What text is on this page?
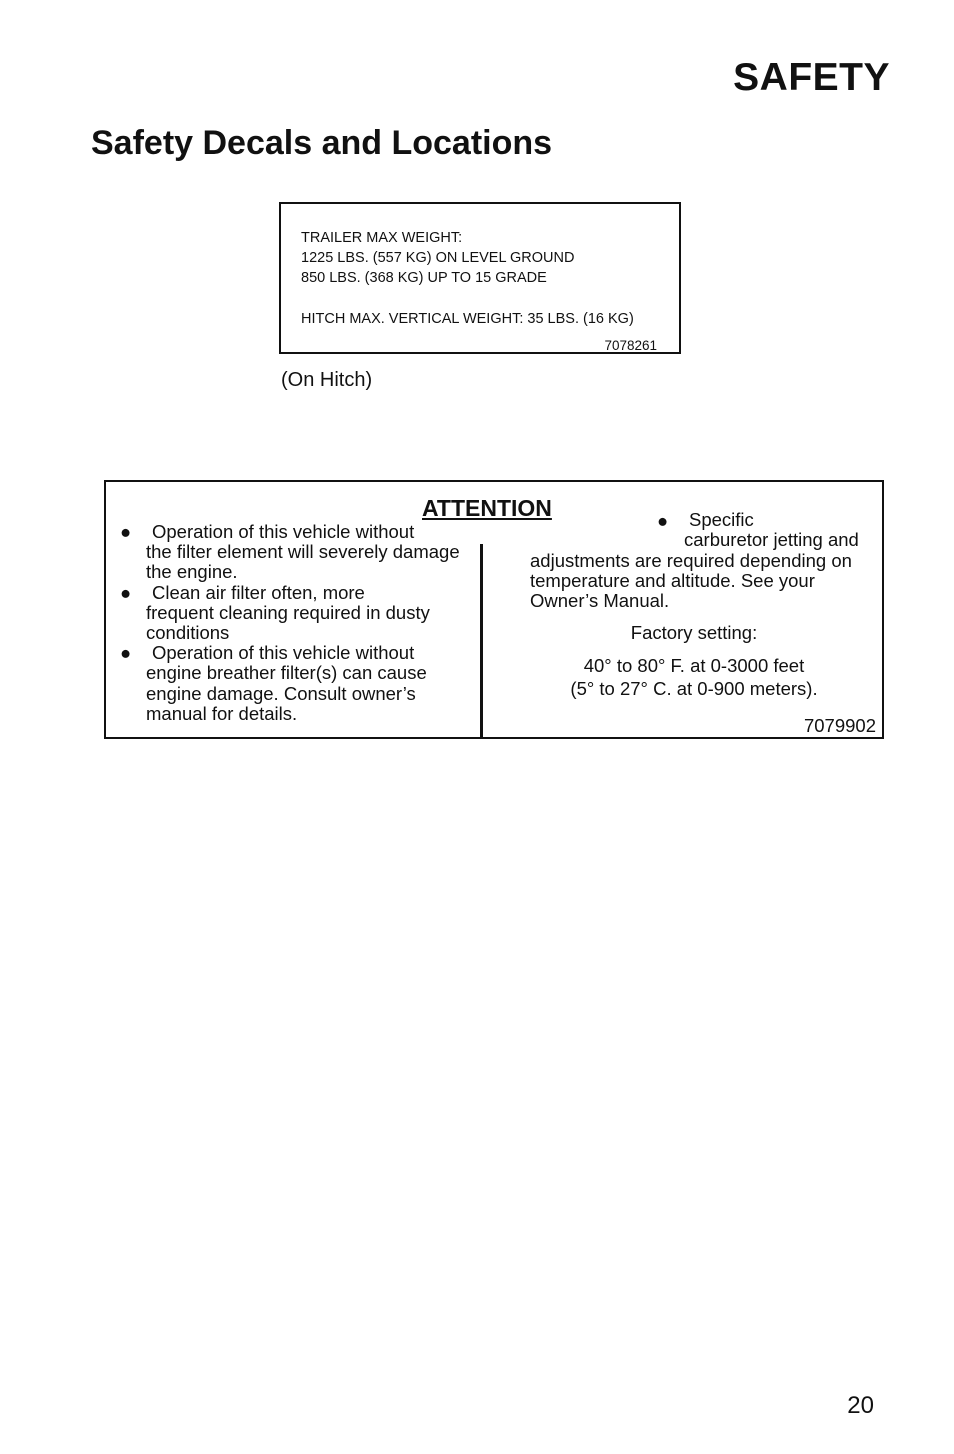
SAFETY
Safety Decals and Locations
TRAILER MAX WEIGHT:
1225 LBS. (557 KG) ON LEVEL GROUND
850 LBS. (368 KG) UP TO 15 GRADE
HITCH MAX. VERTICAL WEIGHT: 35 LBS. (16 KG)
7078261
(On Hitch)
ATTENTION
●	Operation of this vehicle without
the filter element will severely damage the engine.
●	Clean air filter often, more
frequent cleaning required in dusty conditions
●	Operation of this vehicle without
engine breather filter(s) can cause engine damage. Consult owner’s manual for details.
● Specific
carburetor jetting and
adjustments are required depending on temperature and altitude. See your Owner’s Manual.
Factory setting:
40° to 80° F. at 0-3000 feet
(5° to 27° C. at 0-900 meters).
7079902
20
